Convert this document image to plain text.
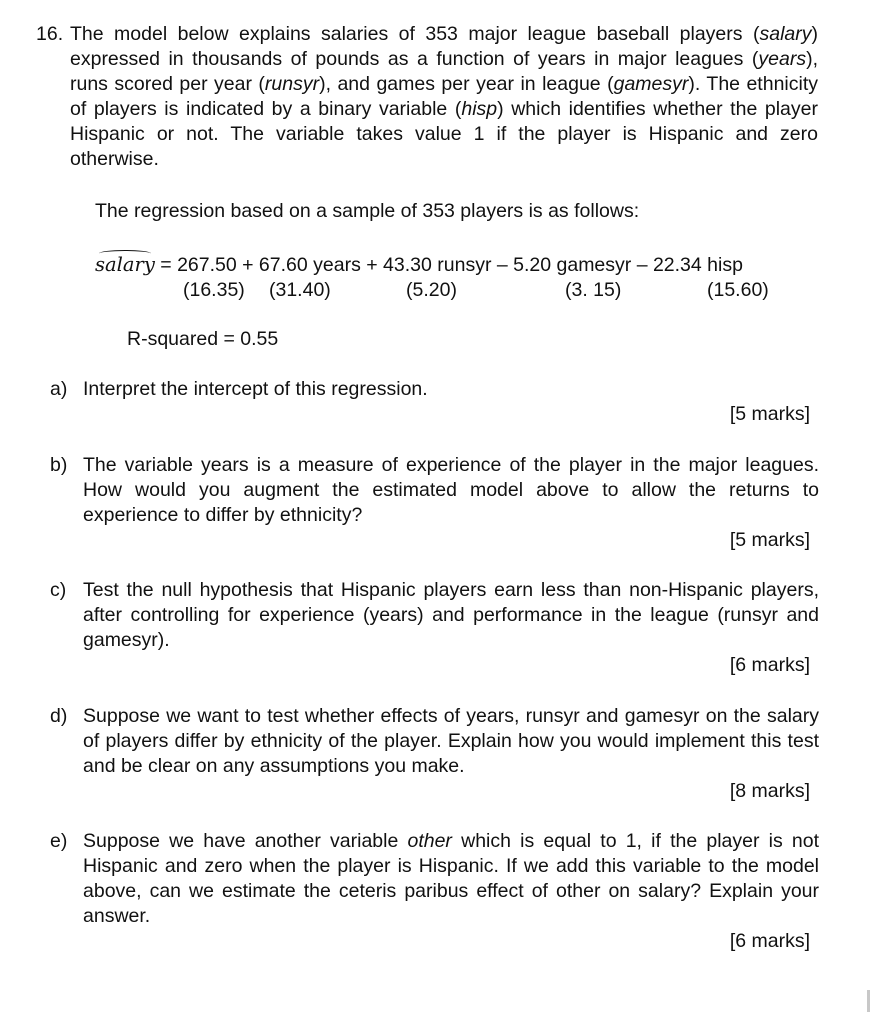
16. The model below explains salaries of 353 major league baseball players (salary) expressed in thousands of pounds as a function of years in major leagues (years), runs scored per year (runsyr), and games per year in league (gamesyr). The ethnicity of players is indicated by a binary variable (hisp) which identifies whether the player Hispanic or not. The variable takes value 1 if the player is Hispanic and zero otherwise.
The regression based on a sample of 353 players is as follows:
salary = 267.50 + 67.60 years + 43.30 runsyr – 5.20 gamesyr – 22.34 hisp
(16.35) (31.40)	(5.20)	(3. 15)	(15.60)
R-squared = 0.55
a) Interpret the intercept of this regression.
[5 marks]
b) The variable years is a measure of experience of the player in the major leagues. How would you augment the estimated model above to allow the returns to experience to differ by ethnicity?
[5 marks]
c) Test the null hypothesis that Hispanic players earn less than non-Hispanic players, after controlling for experience (years) and performance in the league (runsyr and gamesyr).
[6 marks]
d) Suppose we want to test whether effects of years, runsyr and gamesyr on the salary of players differ by ethnicity of the player. Explain how you would implement this test and be clear on any assumptions you make.
[8 marks]
e) Suppose we have another variable other which is equal to 1, if the player is not Hispanic and zero when the player is Hispanic. If we add this variable to the model above, can we estimate the ceteris paribus effect of other on salary? Explain your answer.
[6 marks]
